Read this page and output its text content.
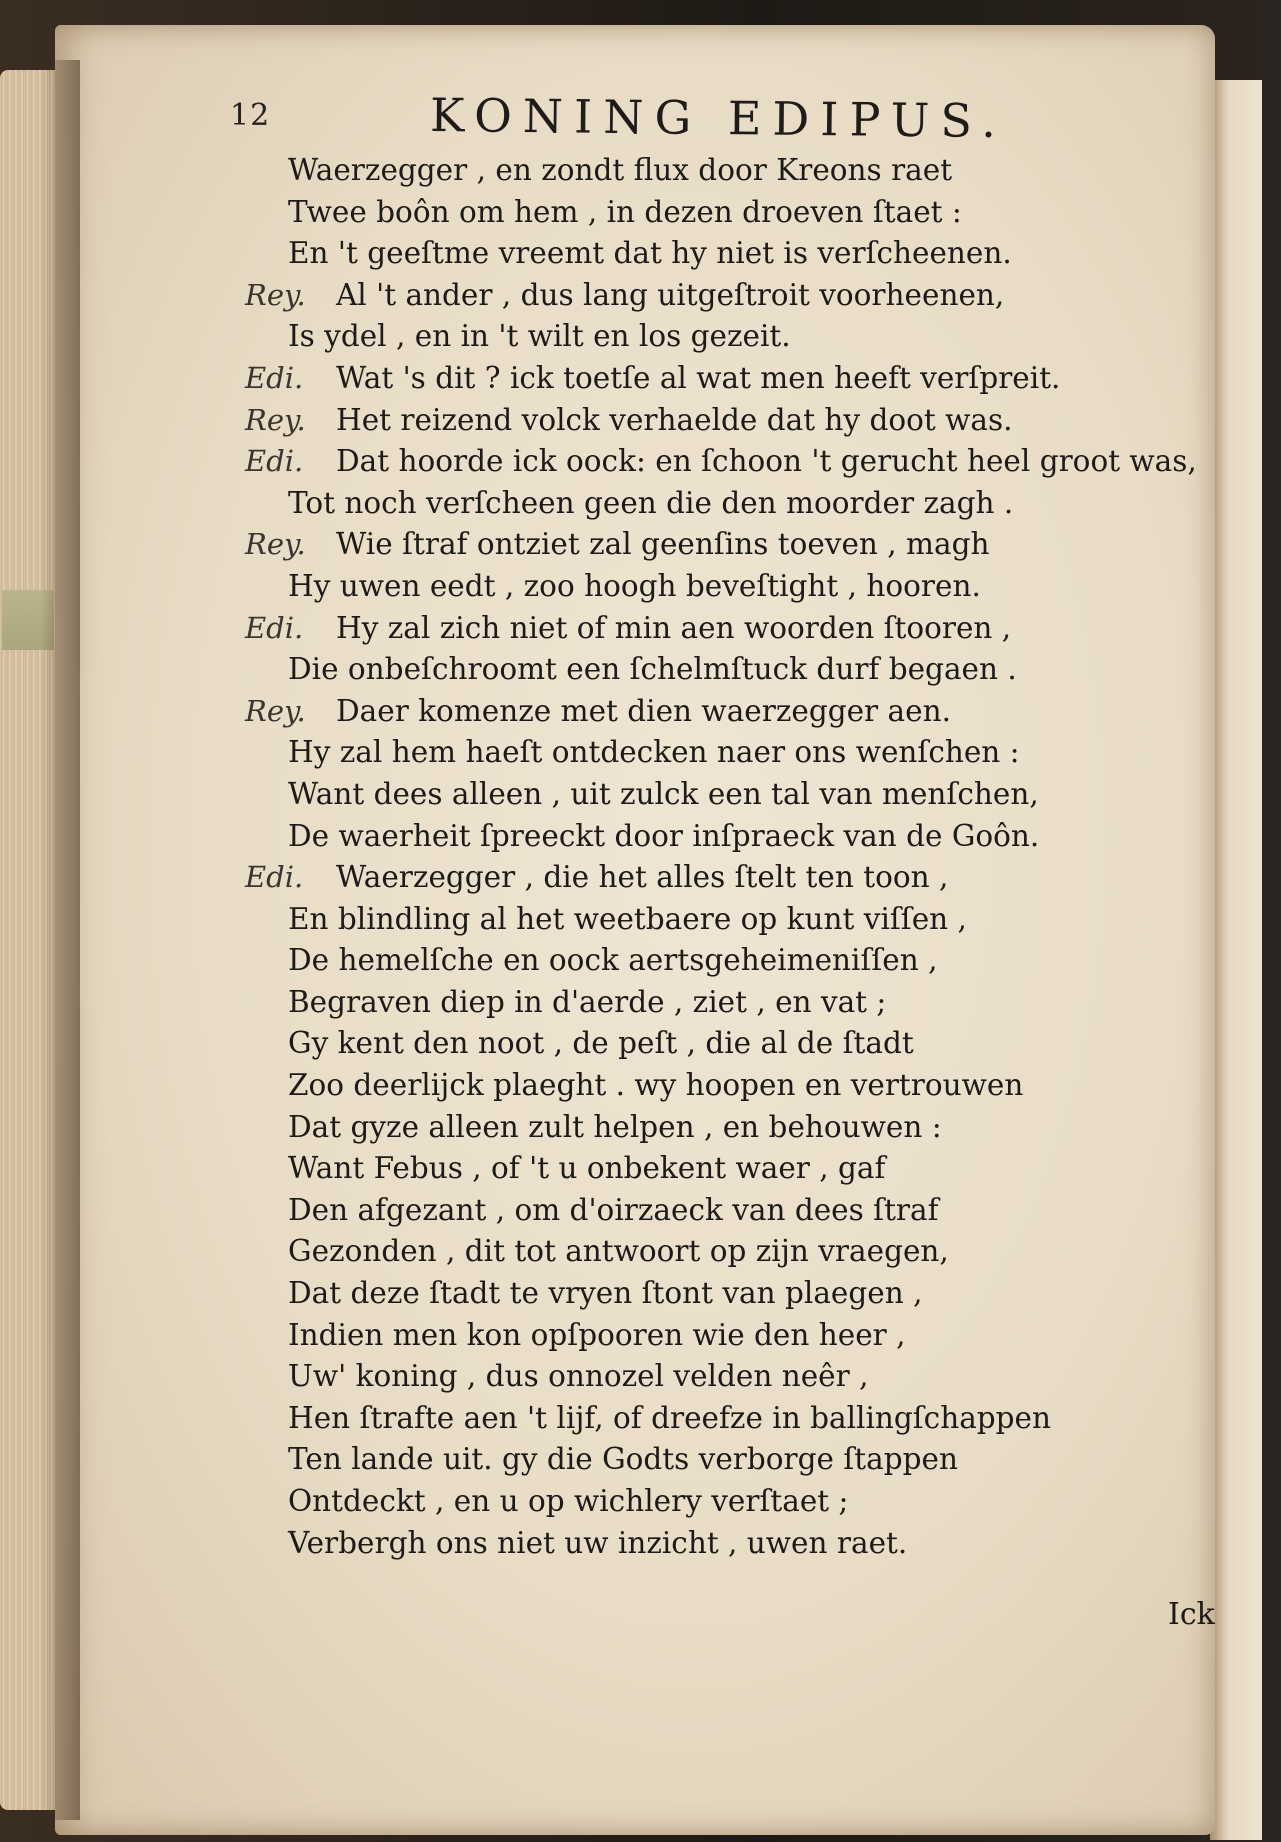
T
E
T
12	KONING EDIPUS.
Waerzegger , en zondt flux door Kreons raet
Twee boôn om hem , in dezen droeven ſtaet :
En 't geeſtme vreemt dat hy niet is verſcheenen.
Rey. Al 't ander , dus lang uitgeſtroit voorheenen,
Is ydel , en in 't wilt en los gezeit.
Edi. Wat 's dit ? ick toetſe al wat men heeft verſpreit.
Rey. Het reizend volck verhaelde dat hy doot was.
Edi. Dat hoorde ick oock: en ſchoon 't gerucht heel groot was,
Tot noch verſcheen geen die den moorder zagh .
Rey. Wie ſtraf ontziet zal geenſins toeven , magh
Hy uwen eedt , zoo hoogh beveſtight , hooren.
Edi. Hy zal zich niet of min aen woorden ſtooren ,
Die onbeſchroomt een ſchelmſtuck durf begaen .
Rey. Daer komenze met dien waerzegger aen.
Hy zal hem haeſt ontdecken naer ons wenſchen :
Want dees alleen , uit zulck een tal van menſchen,
De waerheit ſpreeckt door inſpraeck van de Goôn.
Edi. Waerzegger , die het alles ſtelt ten toon ,
En blindling al het weetbaere op kunt viſſen ,
De hemelſche en oock aertsgeheimeniſſen ,
Begraven diep in d'aerde , ziet , en vat ;
Gy kent den noot , de peſt , die al de ſtadt
Zoo deerlijck plaeght . wy hoopen en vertrouwen
Dat gyze alleen zult helpen , en behouwen :
Want Febus , of 't u onbekent waer , gaf
Den afgezant , om d'oirzaeck van dees ſtraf
Gezonden , dit tot antwoort op zijn vraegen,
Dat deze ſtadt te vryen ſtont van plaegen ,
Indien men kon opſpooren wie den heer ,
Uw' koning , dus onnozel velden neêr ,
Hen ſtrafte aen 't lijf, of dreefze in ballingſchappen
Ten lande uit. gy die Godts verborge ſtappen
Ontdeckt , en u op wichlery verſtaet ;
Verbergh ons niet uw inzicht , uwen raet.
Ick
